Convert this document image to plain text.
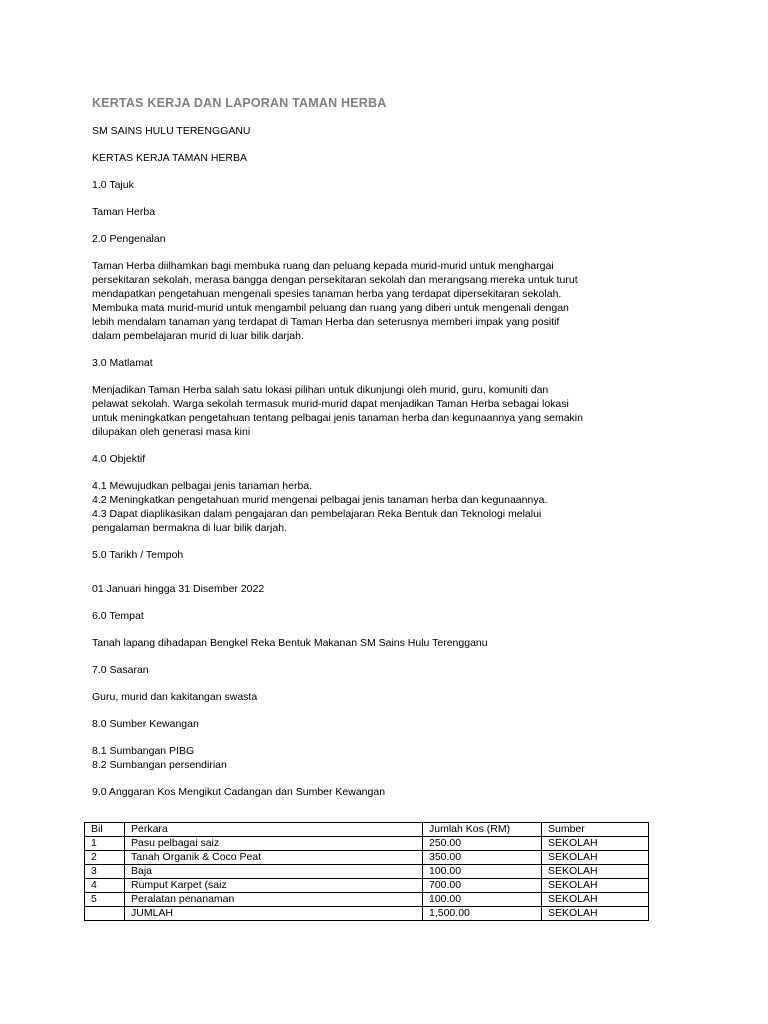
KERTAS KERJA DAN LAPORAN TAMAN HERBA

SM SAINS HULU TERENGGANU

KERTAS KERJA TAMAN HERBA

1.0 Tajuk

Taman Herba

2.0 Pengenalan

Taman Herba diilhamkan bagi membuka ruang dan peluang kepada murid-murid untuk menghargai
persekitaran sekolah, merasa bangga dengan persekitaran sekolah dan merangsang mereka untuk turut
mendapatkan pengetahuan mengenali spesies tanaman herba yang terdapat dipersekitaran sekolah.
Membuka mata murid-murid untuk mengambil peluang dan ruang yang diberi untuk mengenali dengan
lebih mendalam tanaman yang terdapat di Taman Herba dan seterusnya memberi impak yang positif
dalam pembelajaran murid di luar bilik darjah.

3.0 Matlamat

Menjadikan Taman Herba salah satu lokasi pilihan untuk dikunjungi oleh murid, guru, komuniti dan
pelawat sekolah. Warga sekolah termasuk murid-murid dapat menjadikan Taman Herba sebagai lokasi
untuk meningkatkan pengetahuan tentang pelbagai jenis tanaman herba dan kegunaannya yang semakin
dilupakan oleh generasi masa kini

4.0 Objektif

4.1 Mewujudkan pelbagai jenis tanaman herba.
4.2 Meningkatkan pengetahuan murid mengenai pelbagai jenis tanaman herba dan kegunaannya.
4.3 Dapat diaplikasikan dalam pengajaran dan pembelajaran Reka Bentuk dan Teknologi melalui
pengalaman bermakna di luar bilik darjah.

5.0 Tarikh / Tempoh

01 Januari hingga 31 Disember 2022

6.0 Tempat

Tanah lapang dihadapan Bengkel Reka Bentuk Makanan SM Sains Hulu Terengganu

7.0 Sasaran

Guru, murid dan kakitangan swasta

8.0 Sumber Kewangan

8.1 Sumbangan PIBG
8.2 Sumbangan persendirian

9.0 Anggaran Kos Mengikut Cadangan dan Sumber Kewangan

Bil	Perkara	Jumlah Kos (RM)	Sumber
1	Pasu pelbagai saiz	250.00	SEKOLAH
2	Tanah Organik & Coco Peat	350.00	SEKOLAH
3	Baja	100.00	SEKOLAH
4	Rumput Karpet (saiz	700.00	SEKOLAH
5	Peralatan penanaman	100.00	SEKOLAH
	JUMLAH	1,500.00	SEKOLAH
